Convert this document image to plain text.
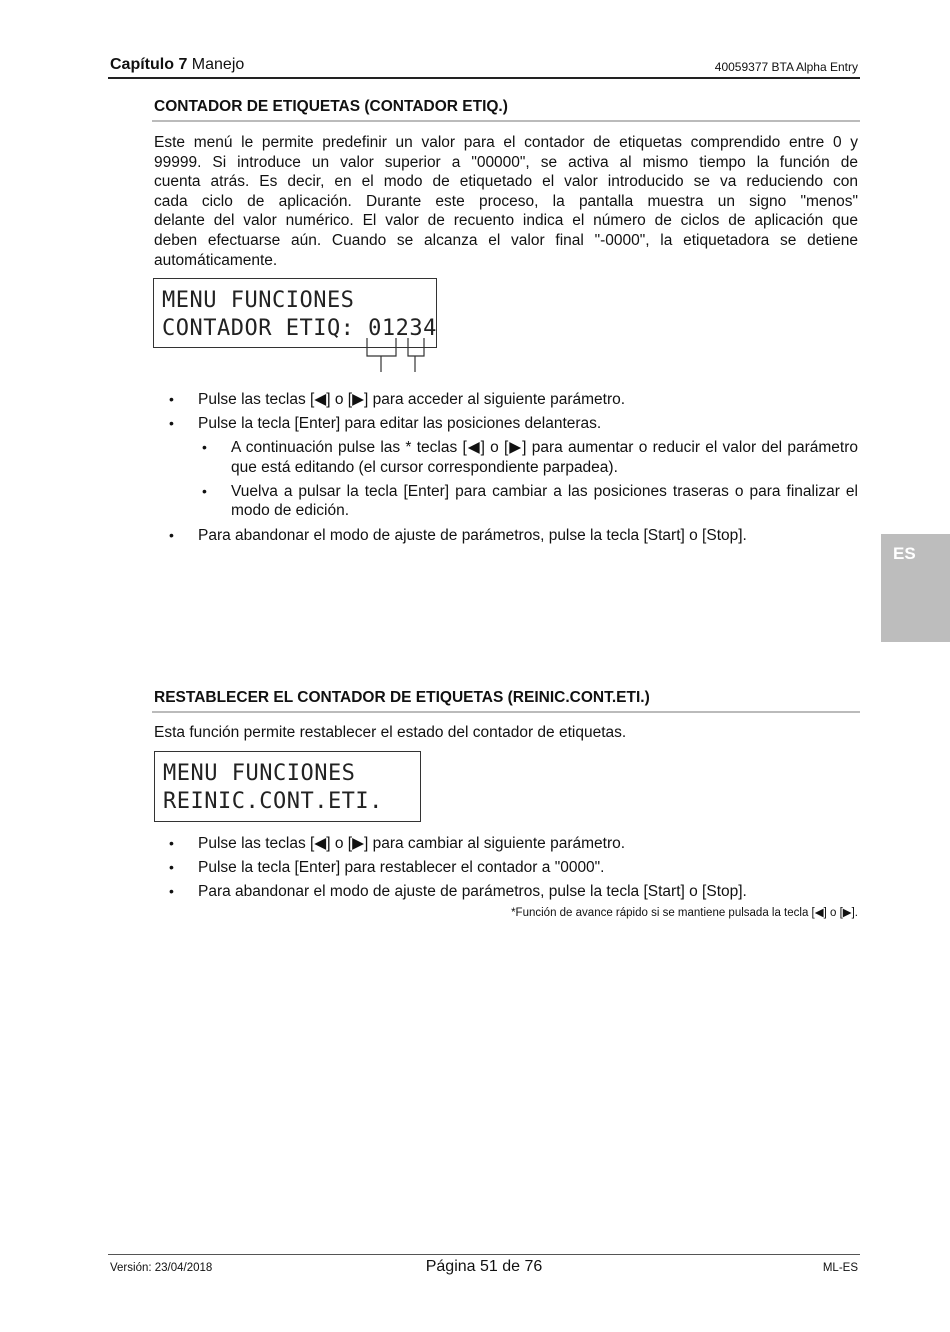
Capítulo 7 Manejo	40059377 BTA Alpha Entry
CONTADOR DE ETIQUETAS (CONTADOR ETIQ.)
Este menú le permite predefinir un valor para el contador de etiquetas comprendido entre 0 y
99999. Si introduce un valor superior a "00000", se activa al mismo tiempo la función de
cuenta atrás. Es decir, en el modo de etiquetado el valor introducido se va reduciendo con
cada ciclo de aplicación. Durante este proceso, la pantalla muestra un signo "menos"
delante del valor numérico. El valor de recuento indica el número de ciclos de aplicación que
deben efectuarse aún. Cuando se alcanza el valor final "-0000", la etiquetadora se detiene
automáticamente.
MENU FUNCIONES
CONTADOR ETIQ: 01234
• Pulse las teclas [◀] o [▶] para acceder al siguiente parámetro.
• Pulse la tecla [Enter] para editar las posiciones delanteras.
• A continuación pulse las * teclas [◀] o [▶] para aumentar o reducir el valor del parámetro que está editando (el cursor correspondiente parpadea).
• Vuelva a pulsar la tecla [Enter] para cambiar a las posiciones traseras o para finalizar el modo de edición.
• Para abandonar el modo de ajuste de parámetros, pulse la tecla [Start] o [Stop].
ES
RESTABLECER EL CONTADOR DE ETIQUETAS (REINIC.CONT.ETI.)
Esta función permite restablecer el estado del contador de etiquetas.
MENU FUNCIONES
REINIC.CONT.ETI.
• Pulse las teclas [◀] o [▶] para cambiar al siguiente parámetro.
• Pulse la tecla [Enter] para restablecer el contador a "0000".
• Para abandonar el modo de ajuste de parámetros, pulse la tecla [Start] o [Stop].
*Función de avance rápido si se mantiene pulsada la tecla [◀] o [▶].
Versión: 23/04/2018	Página 51 de 76	ML-ES
